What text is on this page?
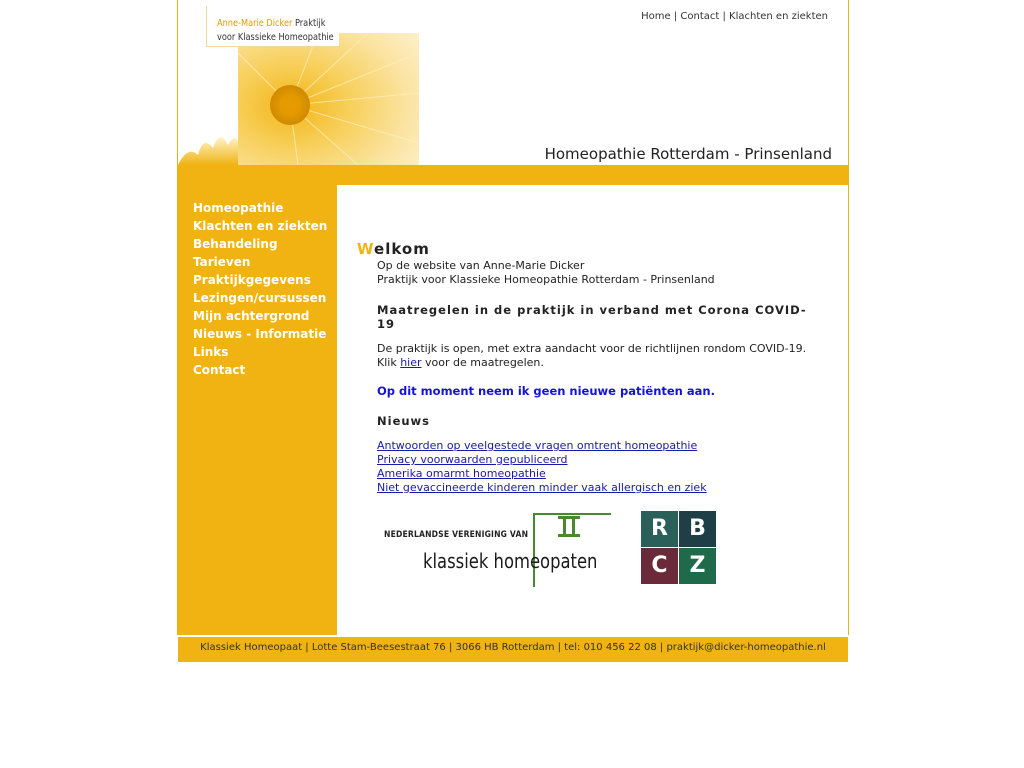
Anne-Marie Dicker Praktijk
voor Klassieke Homeopathie
Home | Contact | Klachten en ziekten
Homeopathie Rotterdam - Prinsenland
Homeopathie
Klachten en ziekten
Behandeling
Tarieven
Praktijkgegevens
Lezingen/cursussen
Mijn achtergrond
Nieuws - Informatie
Links
Contact
Welkom
Op de website van Anne-Marie Dicker
Praktijk voor Klassieke Homeopathie Rotterdam - Prinsenland
Maatregelen in de praktijk in verband met Corona COVID-19
De praktijk is open, met extra aandacht voor de richtlijnen rondom COVID-19. Klik hier voor de maatregelen.
Op dit moment neem ik geen nieuwe patiënten aan.
Nieuws
Antwoorden op veelgestede vragen omtrent homeopathie
Privacy voorwaarden gepubliceerd
Amerika omarmt homeopathie
Niet gevaccineerde kinderen minder vaak allergisch en ziek
NEDERLANDSE VERENIGING VAN
klassiek homeopaten
R B
C Z
Klassiek Homeopaat | Lotte Stam-Beesestraat 76 | 3066 HB Rotterdam | tel: 010 456 22 08 | praktijk@dicker-homeopathie.nl
